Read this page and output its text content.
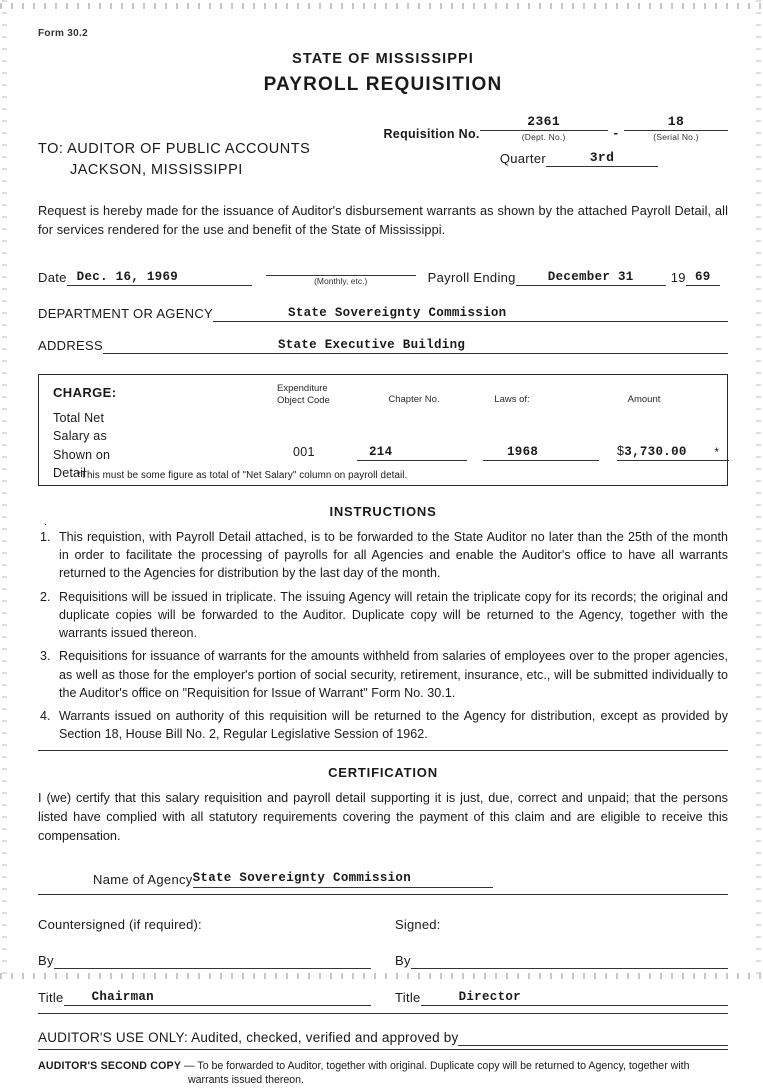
Form 30.2
STATE OF MISSISSIPPI
PAYROLL REQUISITION
Requisition No.
2361
(Dept. No.)	-
18
(Serial No.)
Quarter	3rd
TO: AUDITOR OF PUBLIC ACCOUNTS
JACKSON, MISSISSIPPI
Request is hereby made for the issuance of Auditor's disbursement warrants as shown by the attached Payroll Detail, all for services rendered for the use and benefit of the State of Mississippi.
Date Dec. 16, 1969	(Monthly, etc.)	Payroll Ending	December 31	19 69
DEPARTMENT OR AGENCY	State Sovereignty Commission
ADDRESS	State Executive Building
CHARGE:	Expenditure
Object Code	Chapter No.	Laws of:	Amount
Total Net
Salary as
Shown on
Detail
*
001	214	1968	$3,730.00
*This must be some figure as total of "Net Salary" column on payroll detail.
.
INSTRUCTIONS
This requistion, with Payroll Detail attached, is to be forwarded to the State Auditor no later than the 25th of the month in order to facilitate the processing of payrolls for all Agencies and enable the Auditor's office to have all warrants returned to the Agencies for distribution by the last day of the month.
Requisitions will be issued in triplicate. The issuing Agency will retain the triplicate copy for its records; the original and duplicate copies will be forwarded to the Auditor. Duplicate copy will be returned to the Agency, together with the warrants issued thereon.
Requisitions for issuance of warrants for the amounts withheld from salaries of employees over to the proper agencies, as well as those for the employer's portion of social security, retirement, insurance, etc., will be submitted individually to the Auditor's office on "Requisition for Issue of Warrant" Form No. 30.1.
Warrants issued on authority of this requisition will be returned to the Agency for distribution, except as provided by Section 18, House Bill No. 2, Regular Legislative Session of 1962.
CERTIFICATION
I (we) certify that this salary requisition and payroll detail supporting it is just, due, correct and unpaid; that the persons listed have complied with all statutory requirements covering the payment of this claim and are eligible to receive this compensation.
Name of Agency State Sovereignty Commission
Countersigned (if required):
By
Title Chairman
Signed:
By
Title	Director
AUDITOR'S USE ONLY: Audited, checked, verified and approved by
AUDITOR'S SECOND COPY — To be forwarded to Auditor, together with original. Duplicate copy will be returned to Agency, together with
warrants issued thereon.
